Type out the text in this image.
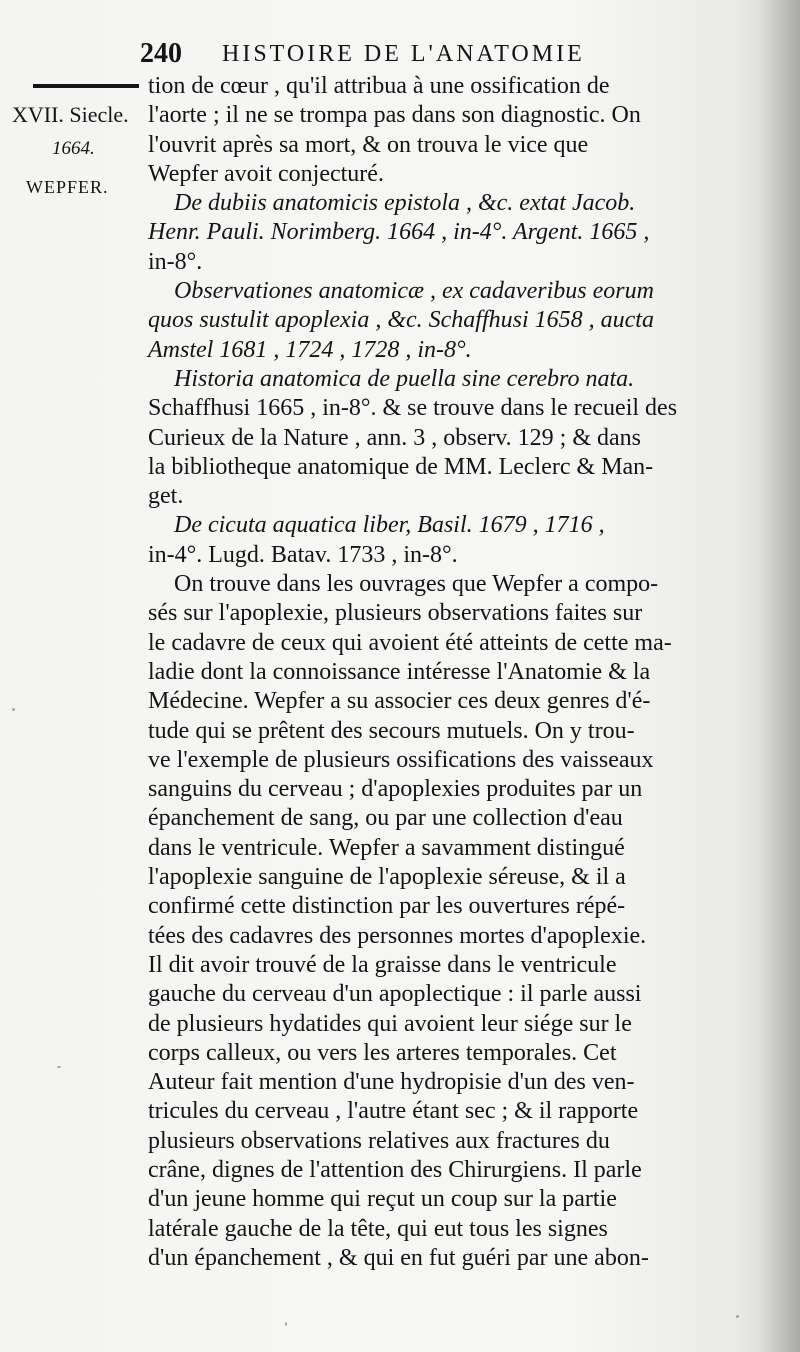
240 HISTOIRE DE L'ANATOMIE
XVII. Siecle.
1664.
WEPFER.
tion de cœur , qu'il attribua à une ossification de
l'aorte ; il ne se trompa pas dans son diagnostic. On
l'ouvrit après sa mort, & on trouva le vice que
Wepfer avoit conjecturé.
De dubiis anatomicis epistola , &c. extat Jacob.
Henr. Pauli. Norimberg. 1664 , in-4°. Argent. 1665 ,
in-8°.
Observationes anatomicæ , ex cadaveribus eorum
quos sustulit apoplexia , &c. Schaffhusi 1658 , aucta
Amstel 1681 , 1724 , 1728 , in-8°.
Historia anatomica de puella sine cerebro nata.
Schaffhusi 1665 , in-8°. & se trouve dans le recueil des
Curieux de la Nature , ann. 3 , observ. 129 ; & dans
la bibliotheque anatomique de MM. Leclerc & Man-
get.
De cicuta aquatica liber, Basil. 1679 , 1716 ,
in-4°. Lugd. Batav. 1733 , in-8°.
On trouve dans les ouvrages que Wepfer a compo-
sés sur l'apoplexie, plusieurs observations faites sur
le cadavre de ceux qui avoient été atteints de cette ma-
ladie dont la connoissance intéresse l'Anatomie & la
Médecine. Wepfer a su associer ces deux genres d'é-
tude qui se prêtent des secours mutuels. On y trou-
ve l'exemple de plusieurs ossifications des vaisseaux
sanguins du cerveau ; d'apoplexies produites par un
épanchement de sang, ou par une collection d'eau
dans le ventricule. Wepfer a savamment distingué
l'apoplexie sanguine de l'apoplexie séreuse, & il a
confirmé cette distinction par les ouvertures répé-
tées des cadavres des personnes mortes d'apoplexie.
Il dit avoir trouvé de la graisse dans le ventricule
gauche du cerveau d'un apoplectique : il parle aussi
de plusieurs hydatides qui avoient leur siége sur le
corps calleux, ou vers les arteres temporales. Cet
Auteur fait mention d'une hydropisie d'un des ven-
tricules du cerveau , l'autre étant sec ; & il rapporte
plusieurs observations relatives aux fractures du
crâne, dignes de l'attention des Chirurgiens. Il parle
d'un jeune homme qui reçut un coup sur la partie
latérale gauche de la tête, qui eut tous les signes
d'un épanchement , & qui en fut guéri par une abon-
